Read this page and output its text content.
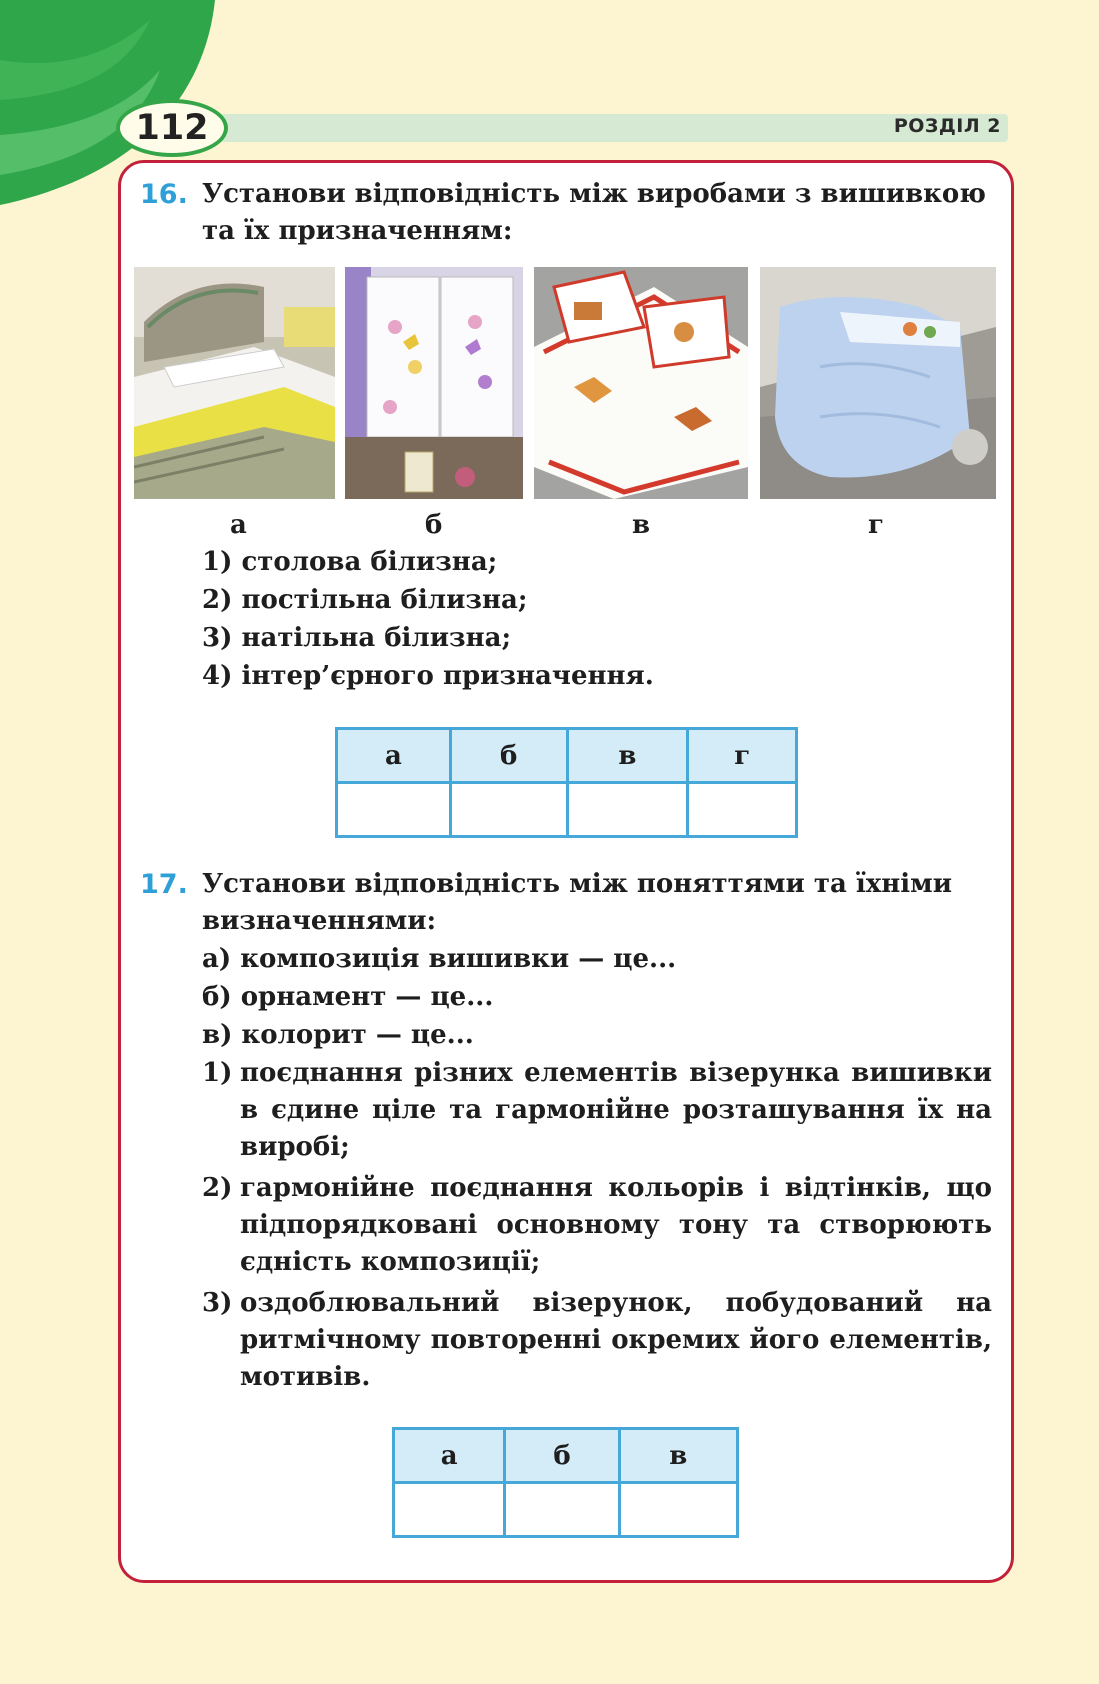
112	РОЗДІЛ 2
16. Установи відповідність між виробами з вишивкою та їх призначенням:
а	б	в	г
1) столова білизна;
2) постільна білизна;
3) натільна білизна;
4) інтер’єрного призначення.
а	б	в	г

17. Установи відповідність між поняттями та їхніми визначеннями:
а) композиція вишивки — це...
б) орнамент — це...
в) колорит — це...
1) поєднання різних елементів візерунка вишивки в єдине ціле та гармонійне розташування їх на виробі;
2) гармонійне поєднання кольорів і відтінків, що підпорядковані основному тону та створюють єдність композиції;
3) оздоблювальний візерунок, побудований на ритмічному повторенні окремих його елементів, мотивів.
а	б	в
